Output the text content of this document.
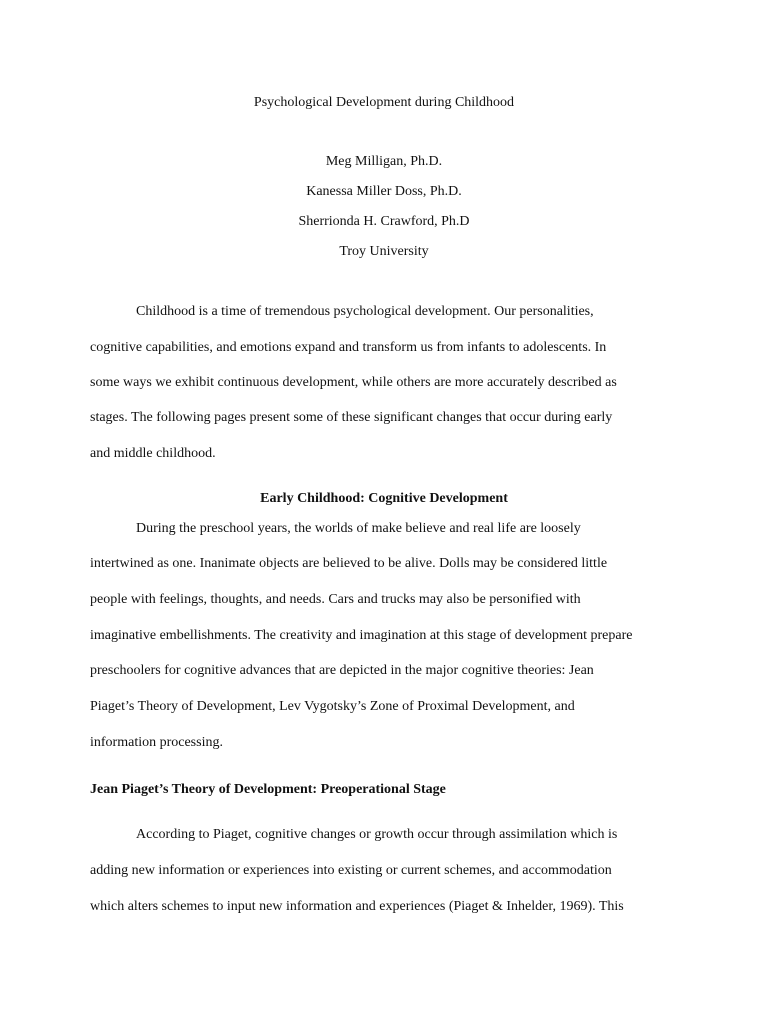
Psychological Development during Childhood
Meg Milligan, Ph.D.
Kanessa Miller Doss, Ph.D.
Sherrionda H. Crawford, Ph.D
Troy University
Childhood is a time of tremendous psychological development. Our personalities,
cognitive capabilities, and emotions expand and transform us from infants to adolescents. In
some ways we exhibit continuous development, while others are more accurately described as
stages. The following pages present some of these significant changes that occur during early
and middle childhood.
Early Childhood: Cognitive Development
During the preschool years, the worlds of make believe and real life are loosely
intertwined as one. Inanimate objects are believed to be alive. Dolls may be considered little
people with feelings, thoughts, and needs. Cars and trucks may also be personified with
imaginative embellishments. The creativity and imagination at this stage of development prepare
preschoolers for cognitive advances that are depicted in the major cognitive theories: Jean
Piaget’s Theory of Development, Lev Vygotsky’s Zone of Proximal Development, and
information processing.
Jean Piaget’s Theory of Development: Preoperational Stage
According to Piaget, cognitive changes or growth occur through assimilation which is
adding new information or experiences into existing or current schemes, and accommodation
which alters schemes to input new information and experiences (Piaget & Inhelder, 1969). This
